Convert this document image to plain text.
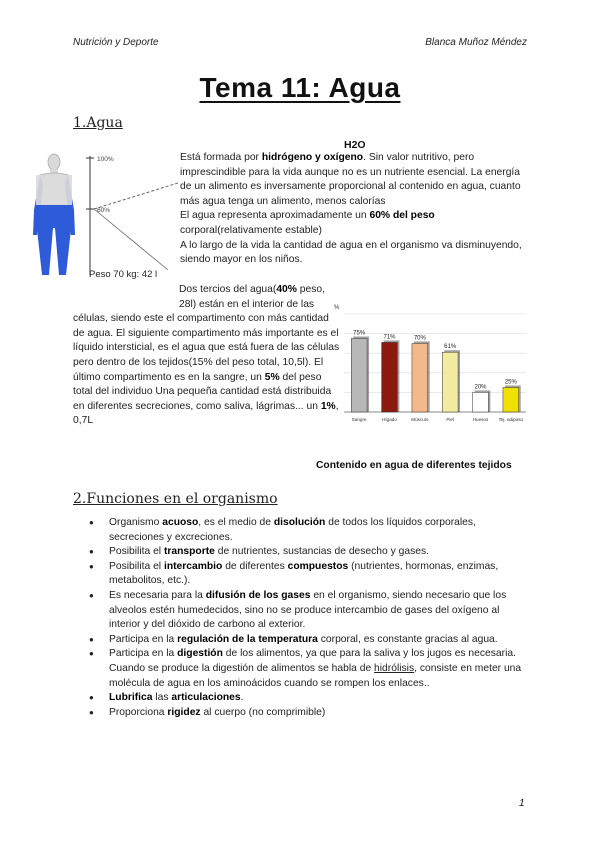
Nutrición y Deporte	Blanca Muñoz Méndez
Tema 11: Agua
1.Agua
100%
60%
Peso 70 kg: 42 l
H2O
Está formada por hidrógeno y oxígeno. Sin valor nutritivo, pero imprescindible para la vida aunque no es un nutriente esencial. La energía de un alimento es inversamente proporcional al contenido en agua, cuanto más agua tenga un alimento, menos calorías
El agua representa aproximadamente un 60% del peso corporal(relativamente estable)
A lo largo de la vida la cantidad de agua en el organismo va disminuyendo, siendo mayor en los niños.
Dos tercios del agua(40% peso, 28l) están en el interior de las células, siendo este el compartimento con más cantidad de agua. El siguiente compartimento más importante es el líquido intersticial, es el agua que está fuera de las células pero dentro de los tejidos(15% del peso total, 10,5l). El último compartimento es en la sangre, un 5% del peso total del individuo Una pequeña cantidad está distribuida en diferentes secreciones, como saliva, lágrimas... un 1%, 0,7L
75%
Sangre
71%
Hígado
70%
Músculo
61%
Piel
20%
Huesos
25%
Tej. adiposo
%
Contenido en agua de diferentes tejidos
2.Funciones en el organismo
● Organismo acuoso, es el medio de disolución de todos los líquidos corporales, secreciones y excreciones.
● Posibilita el transporte de nutrientes, sustancias de desecho y gases.
● Posibilita el intercambio de diferentes compuestos (nutrientes, hormonas, enzimas, metabolitos, etc.).
● Es necesaria para la difusión de los gases en el organismo, siendo necesario que los alveolos estén humedecidos, sino no se produce intercambio de gases del oxígeno al interior y del dióxido de carbono al exterior.
● Participa en la regulación de la temperatura corporal, es constante gracias al agua.
● Participa en la digestión de los alimentos, ya que para la saliva y los jugos es necesaria. Cuando se produce la digestión de alimentos se habla de hidrólisis, consiste en meter una molécula de agua en los aminoácidos cuando se rompen los enlaces..
● Lubrifica las articulaciones.
● Proporciona rigidez al cuerpo (no comprimible)
1
